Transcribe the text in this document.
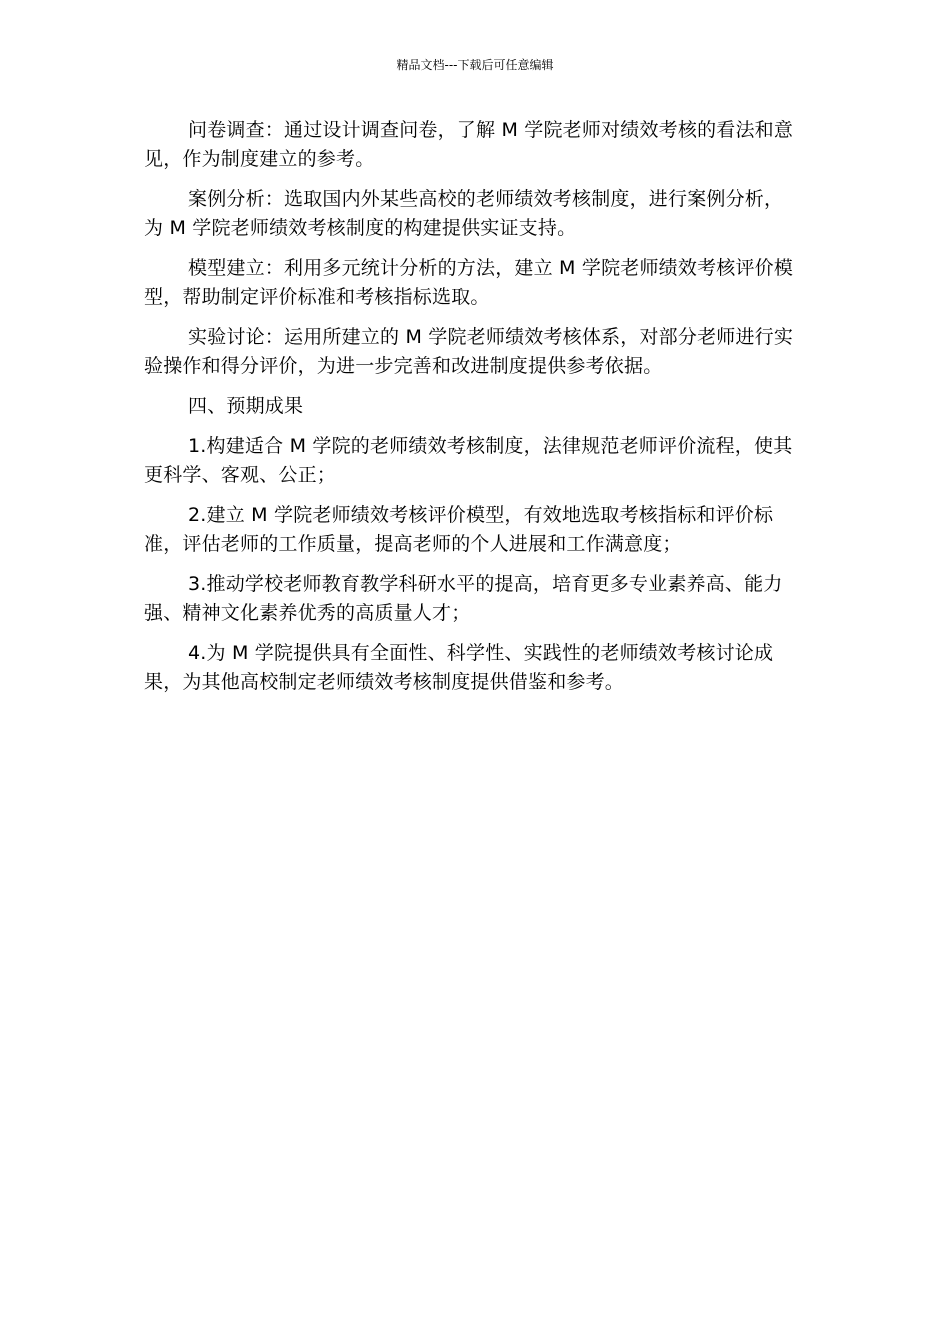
精品文档---下载后可任意编辑

问卷调查：通过设计调查问卷，了解 M 学院老师对绩效考核的看法和意见，作为制度建立的参考。

案例分析：选取国内外某些高校的老师绩效考核制度，进行案例分析，为 M 学院老师绩效考核制度的构建提供实证支持。

模型建立：利用多元统计分析的方法，建立 M 学院老师绩效考核评价模型，帮助制定评价标准和考核指标选取。

实验讨论：运用所建立的 M 学院老师绩效考核体系，对部分老师进行实验操作和得分评价，为进一步完善和改进制度提供参考依据。

四、预期成果

1.构建适合 M 学院的老师绩效考核制度，法律规范老师评价流程，使其更科学、客观、公正；

2.建立 M 学院老师绩效考核评价模型，有效地选取考核指标和评价标准，评估老师的工作质量，提高老师的个人进展和工作满意度；

3.推动学校老师教育教学科研水平的提高，培育更多专业素养高、能力强、精神文化素养优秀的高质量人才；

4.为 M 学院提供具有全面性、科学性、实践性的老师绩效考核讨论成果，为其他高校制定老师绩效考核制度提供借鉴和参考。
